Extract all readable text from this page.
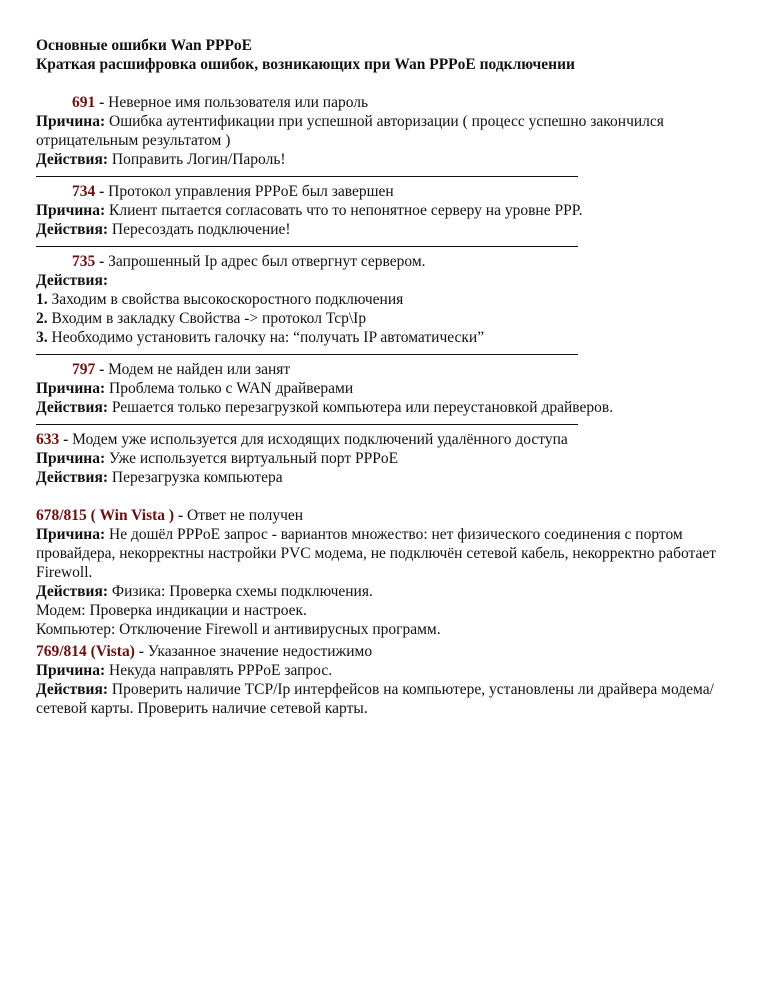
Основные ошибки Wan PPPoE

Краткая расшифровка ошибок, возникающих при Wan PPPoE подключении

691 - Неверное имя пользователя или пароль

Причина: Ошибка аутентификации при успешной авторизации ( процесс успешно закончился отрицательным результатом )

Действия: Поправить Логин/Пароль!

734 - Протокол управления PPPoE был завершен

Причина: Клиент пытается согласовать что то непонятное серверу на уровне PPP.

Действия: Пересоздать подключение!

735 - Запрошенный Ip адрес был отвергнут сервером.

Действия:

1. Заходим в свойства высокоскоростного подключения

2. Входим в закладку Свойства -> протокол Tcp\Ip

3. Необходимо установить галочку на: “получать IP автоматически”

797 - Модем не найден или занят

Причина: Проблема только с WAN драйверами

Действия: Решается только перезагрузкой компьютера или переустановкой драйверов.

633 - Модем уже используется для исходящих подключений удалённого доступа

Причина: Уже используется виртуальный порт PPPoE

Действия: Перезагрузка компьютера

678/815 ( Win Vista ) - Ответ не получен

Причина: Не дошёл PPPoE запрос - вариантов множество: нет физического соединения с портом провайдера, некорректны настройки PVC модема, не подключён сетевой кабель, некорректно работает Firewoll.

Действия: Физика: Проверка схемы подключения.

Модем: Проверка индикации и настроек.

Компьютер: Отключение Firewoll и антивирусных программ.

769/814 (Vista) - Указанное значение недостижимо

Причина: Некуда направлять PPPoE запрос.

Действия: Проверить наличие TCP/Ip интерфейсов на компьютере, установлены ли драйвера модема/сетевой карты. Проверить наличие сетевой карты.
